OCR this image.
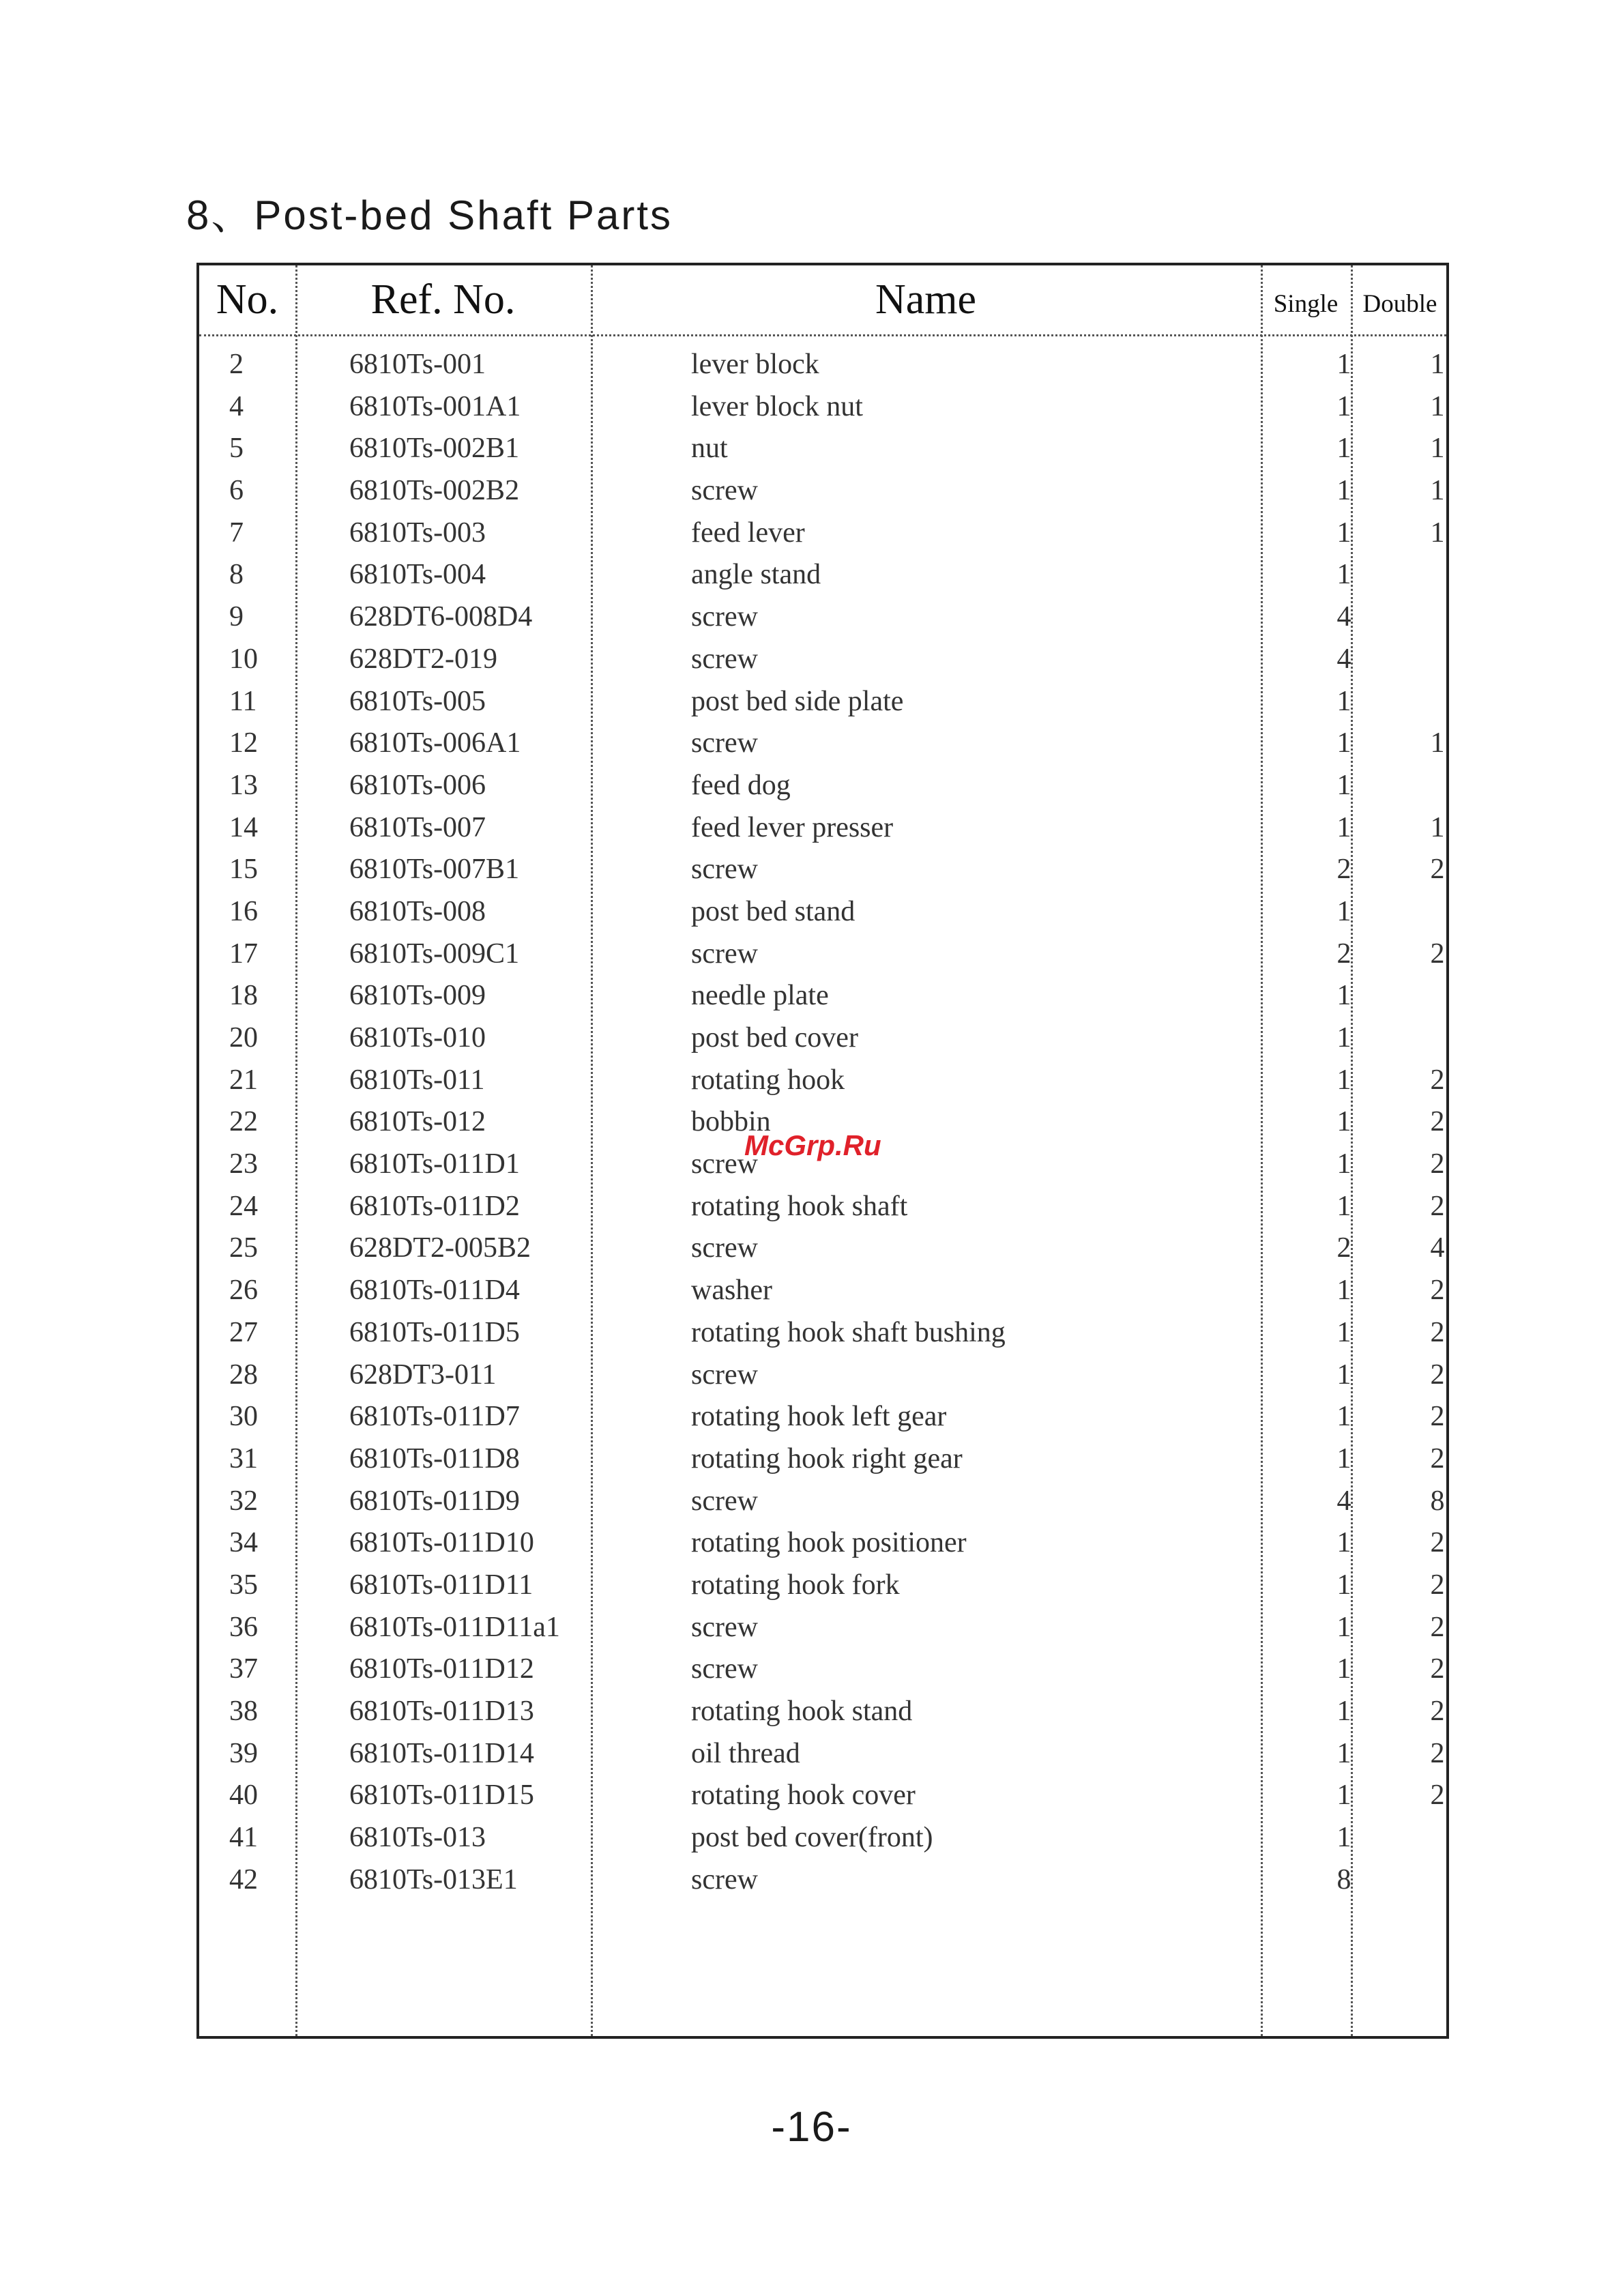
8、Post-bed Shaft Parts
No.	Ref. No.	Name	Single Double
2	6810Ts-001	lever block	1	1
4	6810Ts-001A1	lever block nut	1	1
5	6810Ts-002B1	nut	1	1
6	6810Ts-002B2	screw	1	1
7	6810Ts-003	feed lever	1	1
8	6810Ts-004	angle stand	1
9	628DT6-008D4	screw	4
10	628DT2-019	screw	4
11	6810Ts-005	post bed side plate	1
12	6810Ts-006A1	screw	1	1
13	6810Ts-006	feed dog	1
14	6810Ts-007	feed lever presser	1	1
15	6810Ts-007B1	screw	2	2
16	6810Ts-008	post bed stand	1
17	6810Ts-009C1	screw	2	2
18	6810Ts-009	needle plate	1
20	6810Ts-010	post bed cover	1
21	6810Ts-011	rotating hook	1	2
22	6810Ts-012	bobbin	1	2
23	6810Ts-011D1	screw	1	2
24	6810Ts-011D2	rotating hook shaft	1	2
25	628DT2-005B2	screw	2	4
26	6810Ts-011D4	washer	1	2
27	6810Ts-011D5	rotating hook shaft bushing	1	2
28	628DT3-011	screw	1	2
30	6810Ts-011D7	rotating hook left gear	1	2
31	6810Ts-011D8	rotating hook right gear	1	2
32	6810Ts-011D9	screw	4	8
34	6810Ts-011D10	rotating hook positioner	1	2
35	6810Ts-011D11	rotating hook fork	1	2
36	6810Ts-011D11a1	screw	1	2
37	6810Ts-011D12	screw	1	2
38	6810Ts-011D13	rotating hook stand	1	2
39	6810Ts-011D14	oil thread	1	2
40	6810Ts-011D15	rotating hook cover	1	2
41	6810Ts-013	post bed cover(front)	1
42	6810Ts-013E1	screw	8
McGrp.Ru
-16-
